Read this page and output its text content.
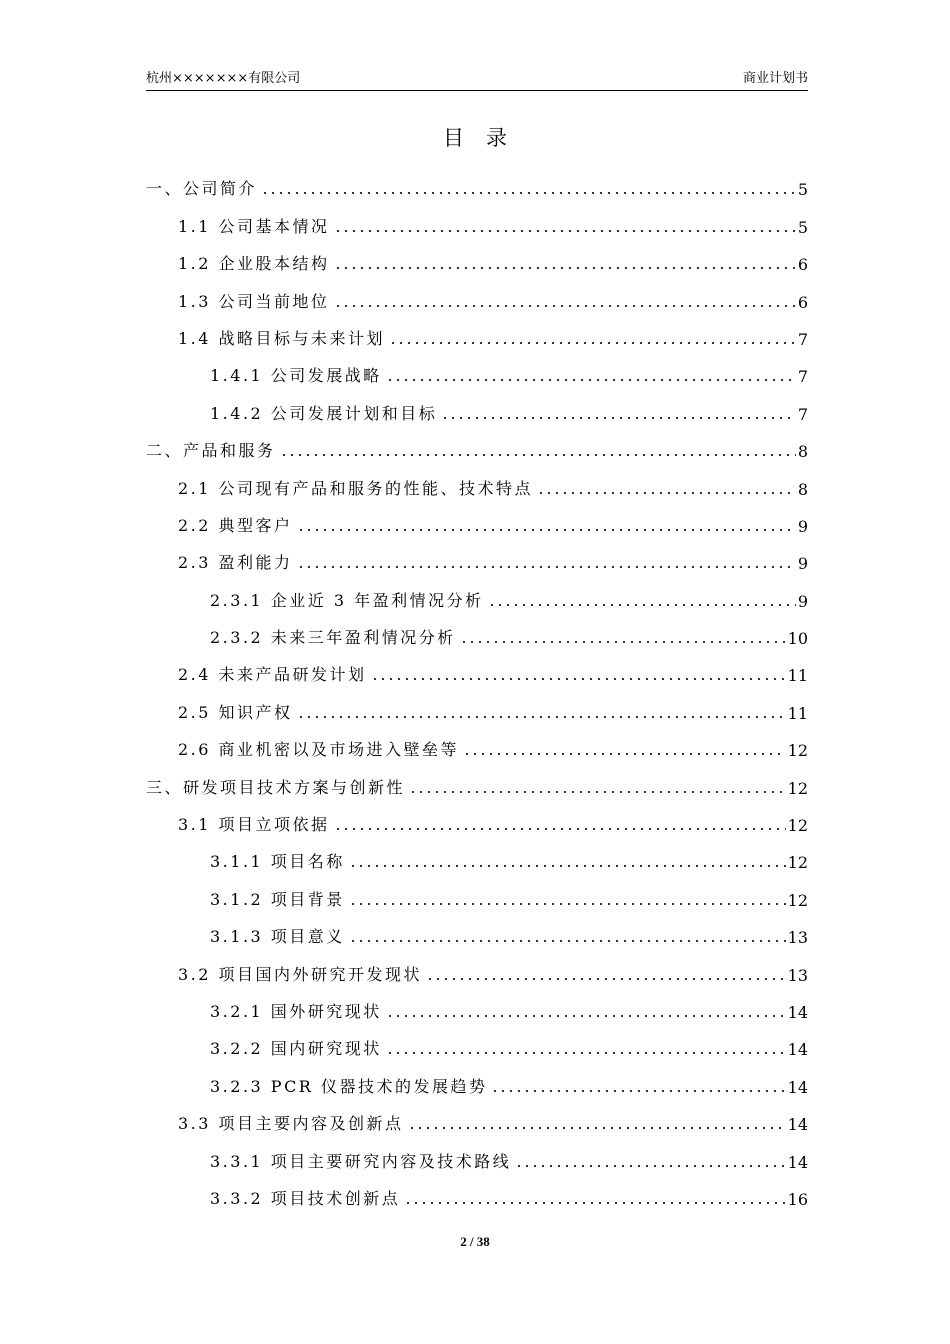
杭州×××××××有限公司	商业计划书
目录
一、公司简介	5
1.1 公司基本情况	5
1.2 企业股本结构	6
1.3 公司当前地位	6
1.4 战略目标与未来计划	7
1.4.1 公司发展战略	7
1.4.2 公司发展计划和目标	7
二、产品和服务	8
2.1 公司现有产品和服务的性能、技术特点	8
2.2 典型客户	9
2.3 盈利能力	9
2.3.1 企业近 3 年盈利情况分析	9
2.3.2 未来三年盈利情况分析	10
2.4 未来产品研发计划	11
2.5 知识产权	11
2.6 商业机密以及市场进入壁垒等	12
三、研发项目技术方案与创新性	12
3.1 项目立项依据	12
3.1.1 项目名称	12
3.1.2 项目背景	12
3.1.3 项目意义	13
3.2 项目国内外研究开发现状	13
3.2.1 国外研究现状	14
3.2.2 国内研究现状	14
3.2.3 PCR 仪器技术的发展趋势	14
3.3 项目主要内容及创新点	14
3.3.1 项目主要研究内容及技术路线	14
3.3.2 项目技术创新点	16
2 / 38
